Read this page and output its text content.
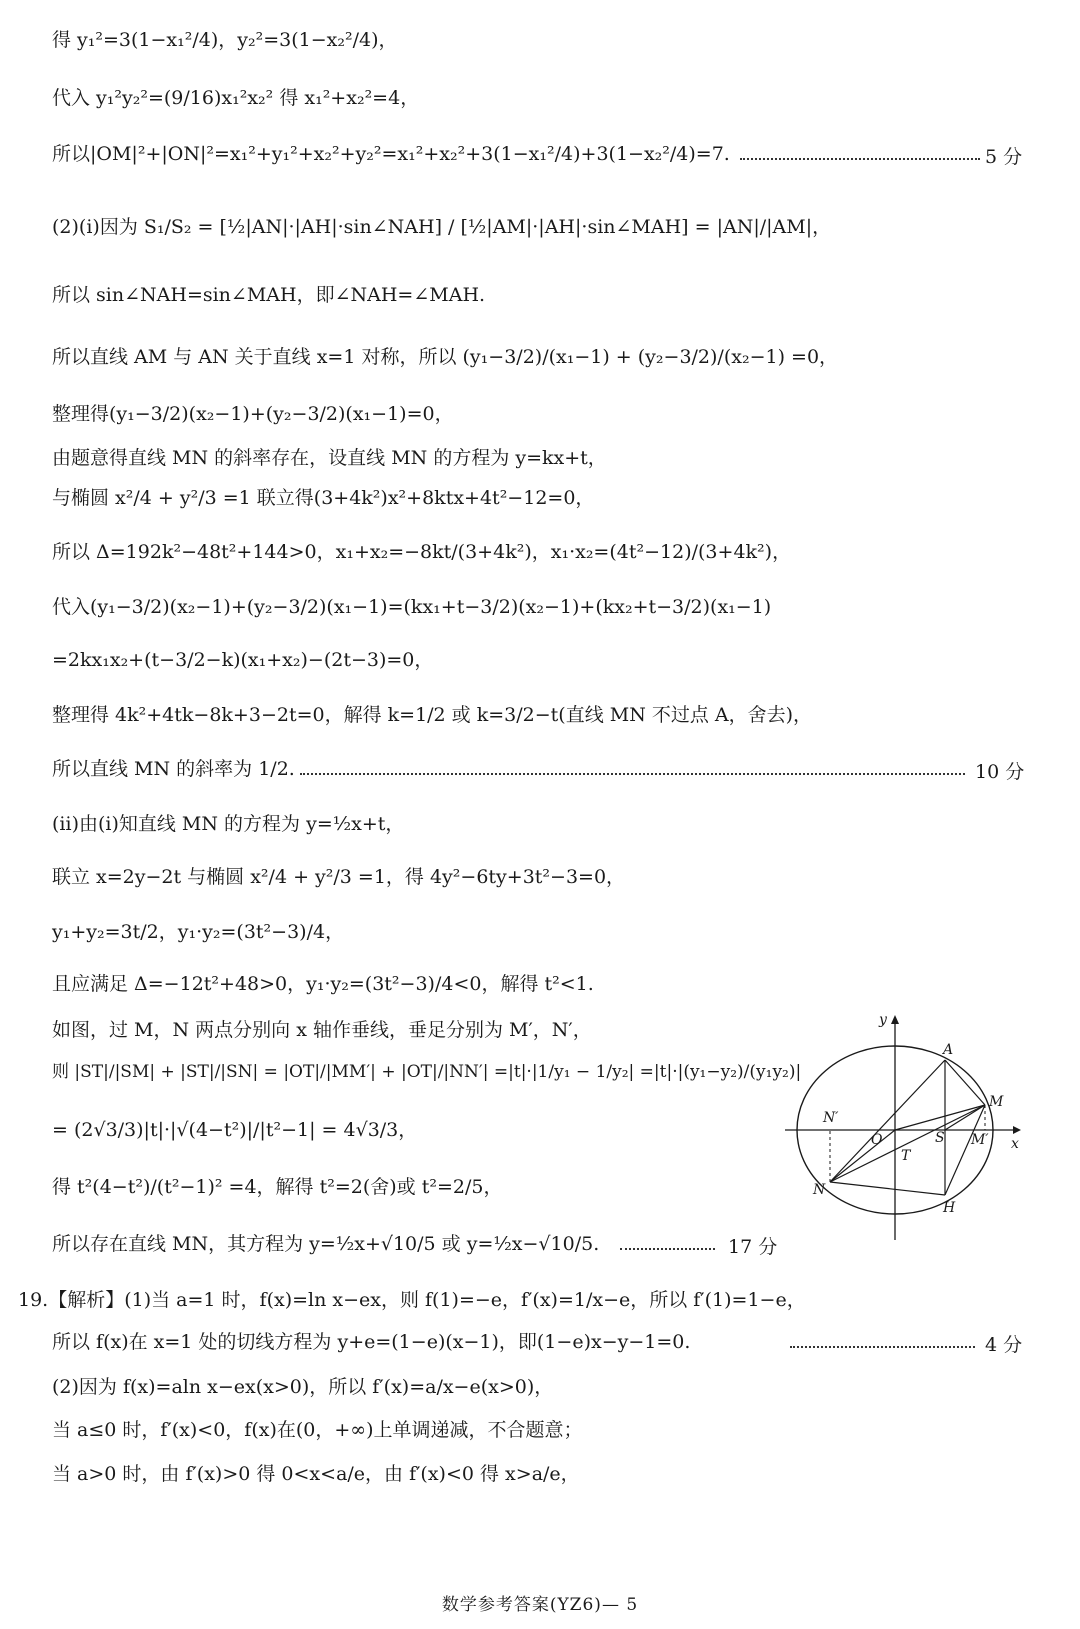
得 y₁²=3(1−x₁²/4)，y₂²=3(1−x₂²/4)，
代入 y₁²y₂²=(9/16)x₁²x₂² 得 x₁²+x₂²=4，
所以|OM|²+|ON|²=x₁²+y₁²+x₂²+y₂²=x₁²+x₂²+3(1−x₁²/4)+3(1−x₂²/4)=7.	5 分
(2)(ⅰ)因为 S₁/S₂ = [½|AN|·|AH|·sin∠NAH] / [½|AM|·|AH|·sin∠MAH] = |AN|/|AM|，
所以 sin∠NAH=sin∠MAH，即∠NAH=∠MAH.
所以直线 AM 与 AN 关于直线 x=1 对称，所以 (y₁−3/2)/(x₁−1) + (y₂−3/2)/(x₂−1) =0，
整理得(y₁−3/2)(x₂−1)+(y₂−3/2)(x₁−1)=0，
由题意得直线 MN 的斜率存在，设直线 MN 的方程为 y=kx+t，
与椭圆 x²/4 + y²/3 =1 联立得(3+4k²)x²+8ktx+4t²−12=0，
所以 Δ=192k²−48t²+144>0，x₁+x₂=−8kt/(3+4k²)，x₁·x₂=(4t²−12)/(3+4k²)，
代入(y₁−3/2)(x₂−1)+(y₂−3/2)(x₁−1)=(kx₁+t−3/2)(x₂−1)+(kx₂+t−3/2)(x₁−1)
=2kx₁x₂+(t−3/2−k)(x₁+x₂)−(2t−3)=0，
整理得 4k²+4tk−8k+3−2t=0，解得 k=1/2 或 k=3/2−t(直线 MN 不过点 A，舍去)，
所以直线 MN 的斜率为 1/2.	10 分
(ⅱ)由(ⅰ)知直线 MN 的方程为 y=½x+t，
联立 x=2y−2t 与椭圆 x²/4 + y²/3 =1，得 4y²−6ty+3t²−3=0，
y₁+y₂=3t/2，y₁·y₂=(3t²−3)/4，
且应满足 Δ=−12t²+48>0，y₁·y₂=(3t²−3)/4<0，解得 t²<1.
如图，过 M，N 两点分别向 x 轴作垂线，垂足分别为 M′，N′，
则 |ST|/|SM| + |ST|/|SN| = |OT|/|MM′| + |OT|/|NN′| =|t|·|1/y₁ − 1/y₂| =|t|·|(y₁−y₂)/(y₁y₂)|
= (2√3/3)|t|·|√(4−t²)|/|t²−1| = 4√3/3，
得 t²(4−t²)/(t²−1)² =4，解得 t²=2(舍)或 t²=2/5，
所以存在直线 MN，其方程为 y=½x+√10/5 或 y=½x−√10/5.	17 分
19.【解析】(1)当 a=1 时，f(x)=ln x−ex，则 f(1)=−e，f′(x)=1/x−e，所以 f′(1)=1−e，
所以 f(x)在 x=1 处的切线方程为 y+e=(1−e)(x−1)，即(1−e)x−y−1=0.	4 分
(2)因为 f(x)=aln x−ex(x>0)，所以 f′(x)=a/x−e(x>0)，
当 a≤0 时，f′(x)<0，f(x)在(0，+∞)上单调递减，不合题意；
当 a>0 时，由 f′(x)>0 得 0<x<a/e，由 f′(x)<0 得 x>a/e，
y
x
A
M
N′
O	S M′
T
N
H
数学参考答案(YZ6)— 5
